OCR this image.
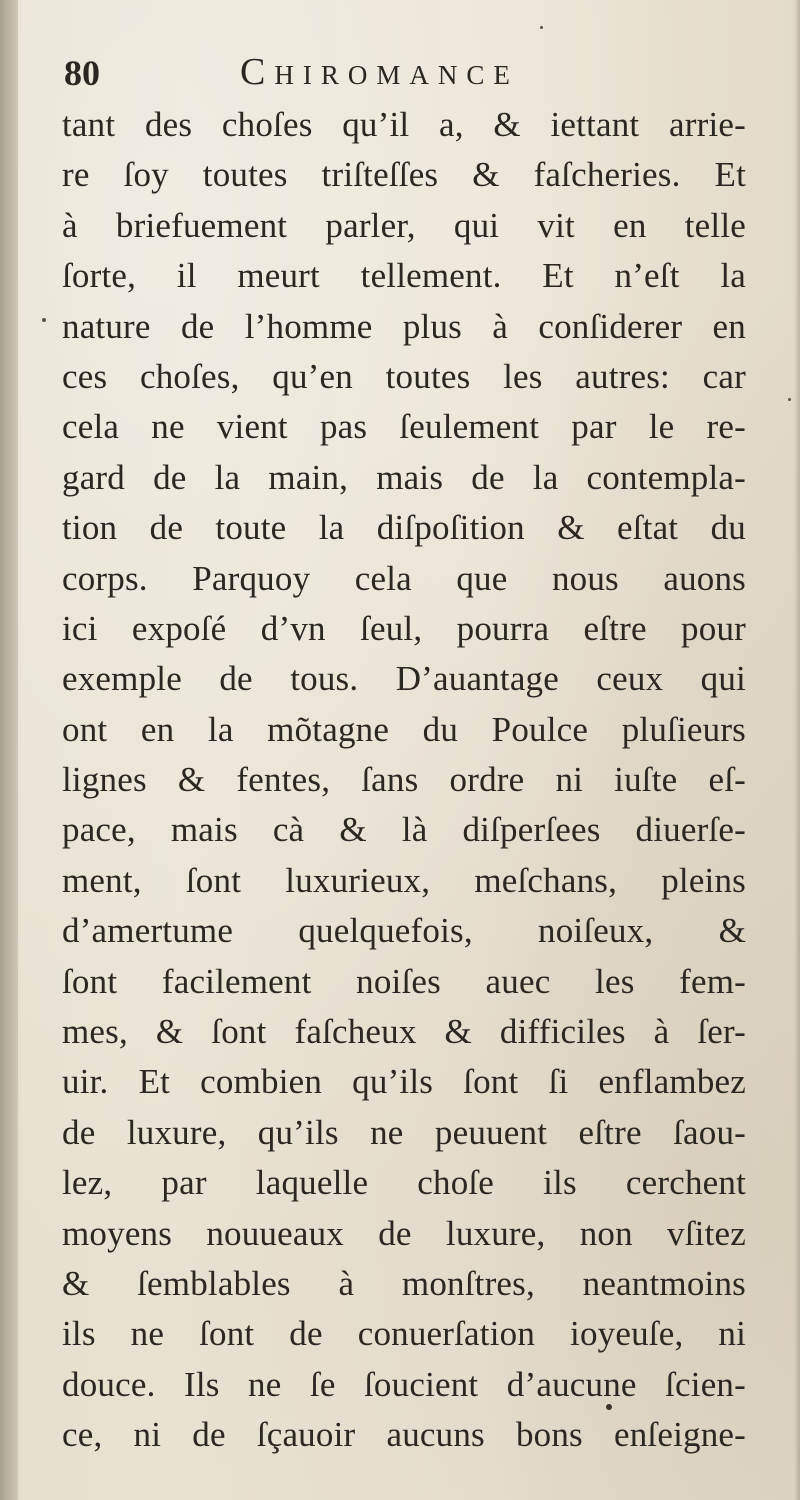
80	Chiromance
tant des choſes qu’il a, & iettant arrie-
re ſoy toutes triſteſſes & faſcheries. Et
à briefuement parler, qui vit en telle
ſorte, il meurt tellement. Et n’eſt la
nature de l’homme plus à conſiderer en
ces choſes, qu’en toutes les autres: car
cela ne vient pas ſeulement par le re-
gard de la main, mais de la contempla-
tion de toute la diſpoſition & eſtat du
corps. Parquoy cela que nous auons
ici expoſé d’vn ſeul, pourra eſtre pour
exemple de tous. D’auantage ceux qui
ont en la mõtagne du Poulce pluſieurs
lignes & fentes, ſans ordre ni iuſte eſ-
pace, mais cà & là diſperſees diuerſe-
ment, ſont luxurieux, meſchans, pleins
d’amertume quelquefois, noiſeux, &
ſont facilement noiſes auec les fem-
mes, & ſont faſcheux & difficiles à ſer-
uir. Et combien qu’ils ſont ſi enflambez
de luxure, qu’ils ne peuuent eſtre ſaou-
lez, par laquelle choſe ils cerchent
moyens nouueaux de luxure, non vſitez
& ſemblables à monſtres, neantmoins
ils ne ſont de conuerſation ioyeuſe, ni
douce. Ils ne ſe ſoucient d’aucune ſcien-
ce, ni de ſçauoir aucuns bons enſeigne-
